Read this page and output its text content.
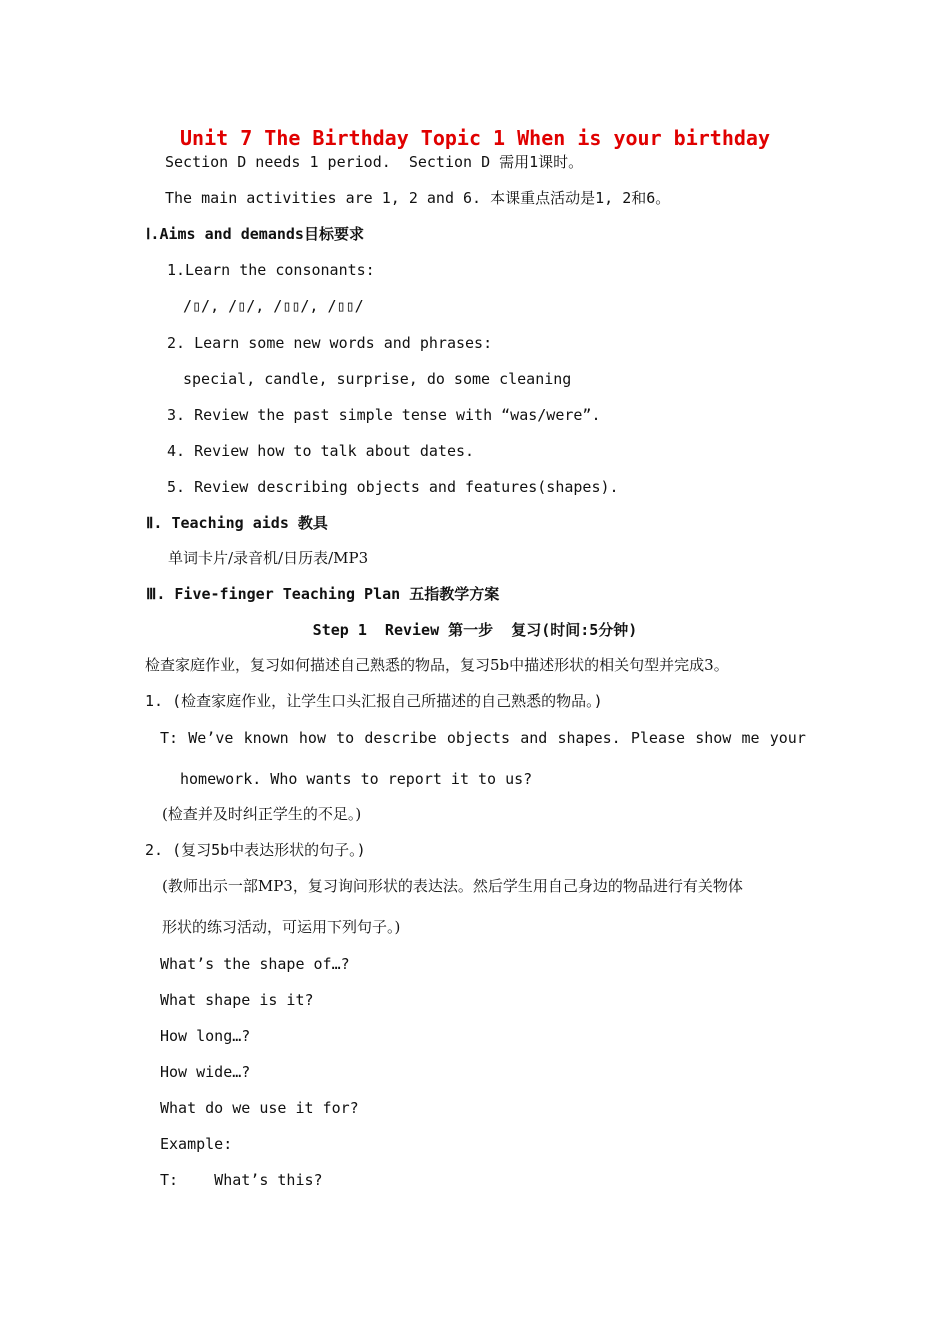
Unit 7 The Birthday Topic 1 When is your birthday
Section D needs 1 period.  Section D 需用1课时。
The main activities are 1, 2 and 6. 本课重点活动是1, 2和6。
Ⅰ.Aims and demands目标要求
1.Learn the consonants:
/▯/, /▯/, /▯▯/, /▯▯/
2. Learn some new words and phrases:
special, candle, surprise, do some cleaning
3. Review the past simple tense with “was/were”.
4. Review how to talk about dates.
5. Review describing objects and features(shapes).
Ⅱ. Teaching aids 教具
单词卡片/录音机/日历表/MP3
Ⅲ. Five-finger Teaching Plan 五指教学方案
Step 1  Review 第一步  复习(时间:5分钟)
检查家庭作业，复习如何描述自己熟悉的物品，复习5b中描述形状的相关句型并完成3。
1. (检查家庭作业，让学生口头汇报自己所描述的自己熟悉的物品。)
T: We’ve known how to describe objects and shapes. Please show me your
homework. Who wants to report it to us?
(检查并及时纠正学生的不足。)
2. (复习5b中表达形状的句子。)
(教师出示一部MP3，复习询问形状的表达法。然后学生用自己身边的物品进行有关物体
形状的练习活动，可运用下列句子。)
What’s the shape of…?
What shape is it?
How long…?
How wide…?
What do we use it for?
Example:
T:    What’s this?
